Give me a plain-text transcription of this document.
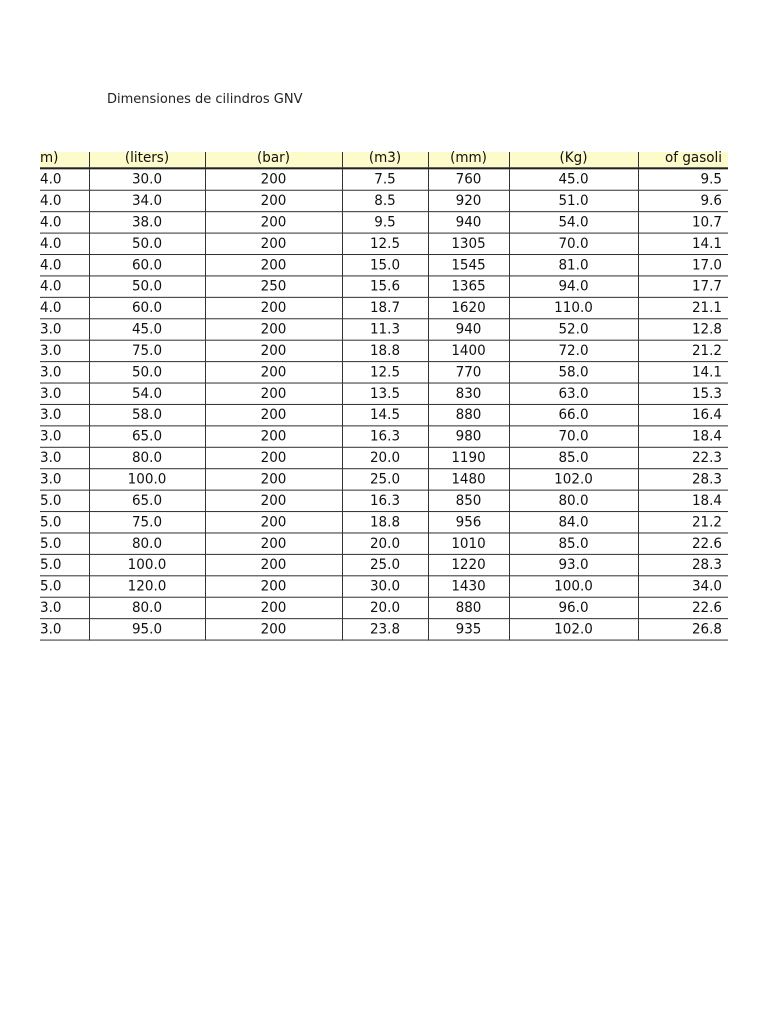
Dimensiones de cilindros GNV
m)	(liters)	(bar)	(m3)	(mm)	(Kg)	of gasoli
4.0	30.0	200	7.5	760	45.0	9.5
4.0	34.0	200	8.5	920	51.0	9.6
4.0	38.0	200	9.5	940	54.0	10.7
4.0	50.0	200	12.5	1305	70.0	14.1
4.0	60.0	200	15.0	1545	81.0	17.0
4.0	50.0	250	15.6	1365	94.0	17.7
4.0	60.0	200	18.7	1620	110.0	21.1
3.0	45.0	200	11.3	940	52.0	12.8
3.0	75.0	200	18.8	1400	72.0	21.2
3.0	50.0	200	12.5	770	58.0	14.1
3.0	54.0	200	13.5	830	63.0	15.3
3.0	58.0	200	14.5	880	66.0	16.4
3.0	65.0	200	16.3	980	70.0	18.4
3.0	80.0	200	20.0	1190	85.0	22.3
3.0	100.0	200	25.0	1480	102.0	28.3
5.0	65.0	200	16.3	850	80.0	18.4
5.0	75.0	200	18.8	956	84.0	21.2
5.0	80.0	200	20.0	1010	85.0	22.6
5.0	100.0	200	25.0	1220	93.0	28.3
5.0	120.0	200	30.0	1430	100.0	34.0
3.0	80.0	200	20.0	880	96.0	22.6
3.0	95.0	200	23.8	935	102.0	26.8
